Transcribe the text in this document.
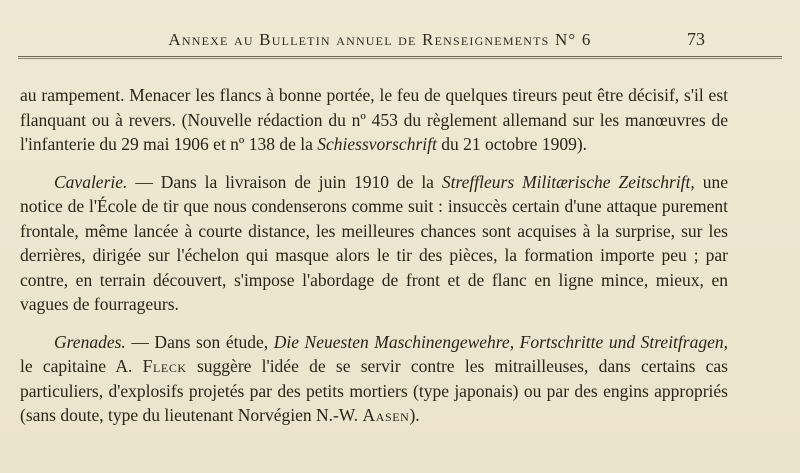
Annexe au Bulletin annuel de Renseignements N° 6	73

au rampement. Menacer les flancs à bonne portée, le feu de quelques tireurs peut être décisif, s'il est flanquant ou à revers. (Nouvelle rédaction du nº 453 du règlement allemand sur les manœuvres de l'infanterie du 29 mai 1906 et nº 138 de la Schiessvorschrift du 21 octobre 1909).

Cavalerie. — Dans la livraison de juin 1910 de la Streffleurs Militærische Zeitschrift, une notice de l'École de tir que nous condenserons comme suit : insuccès certain d'une attaque purement frontale, même lancée à courte distance, les meilleures chances sont acquises à la surprise, sur les derrières, dirigée sur l'échelon qui masque alors le tir des pièces, la formation importe peu ; par contre, en terrain découvert, s'impose l'abordage de front et de flanc en ligne mince, mieux, en vagues de fourrageurs.

Grenades. — Dans son étude, Die Neuesten Maschinengewehre, Fortschritte und Streitfragen, le capitaine A. Fleck suggère l'idée de se servir contre les mitrailleuses, dans certains cas particuliers, d'explosifs projetés par des petits mortiers (type japonais) ou par des engins appropriés (sans doute, type du lieutenant Norvégien N.-W. Aasen).
